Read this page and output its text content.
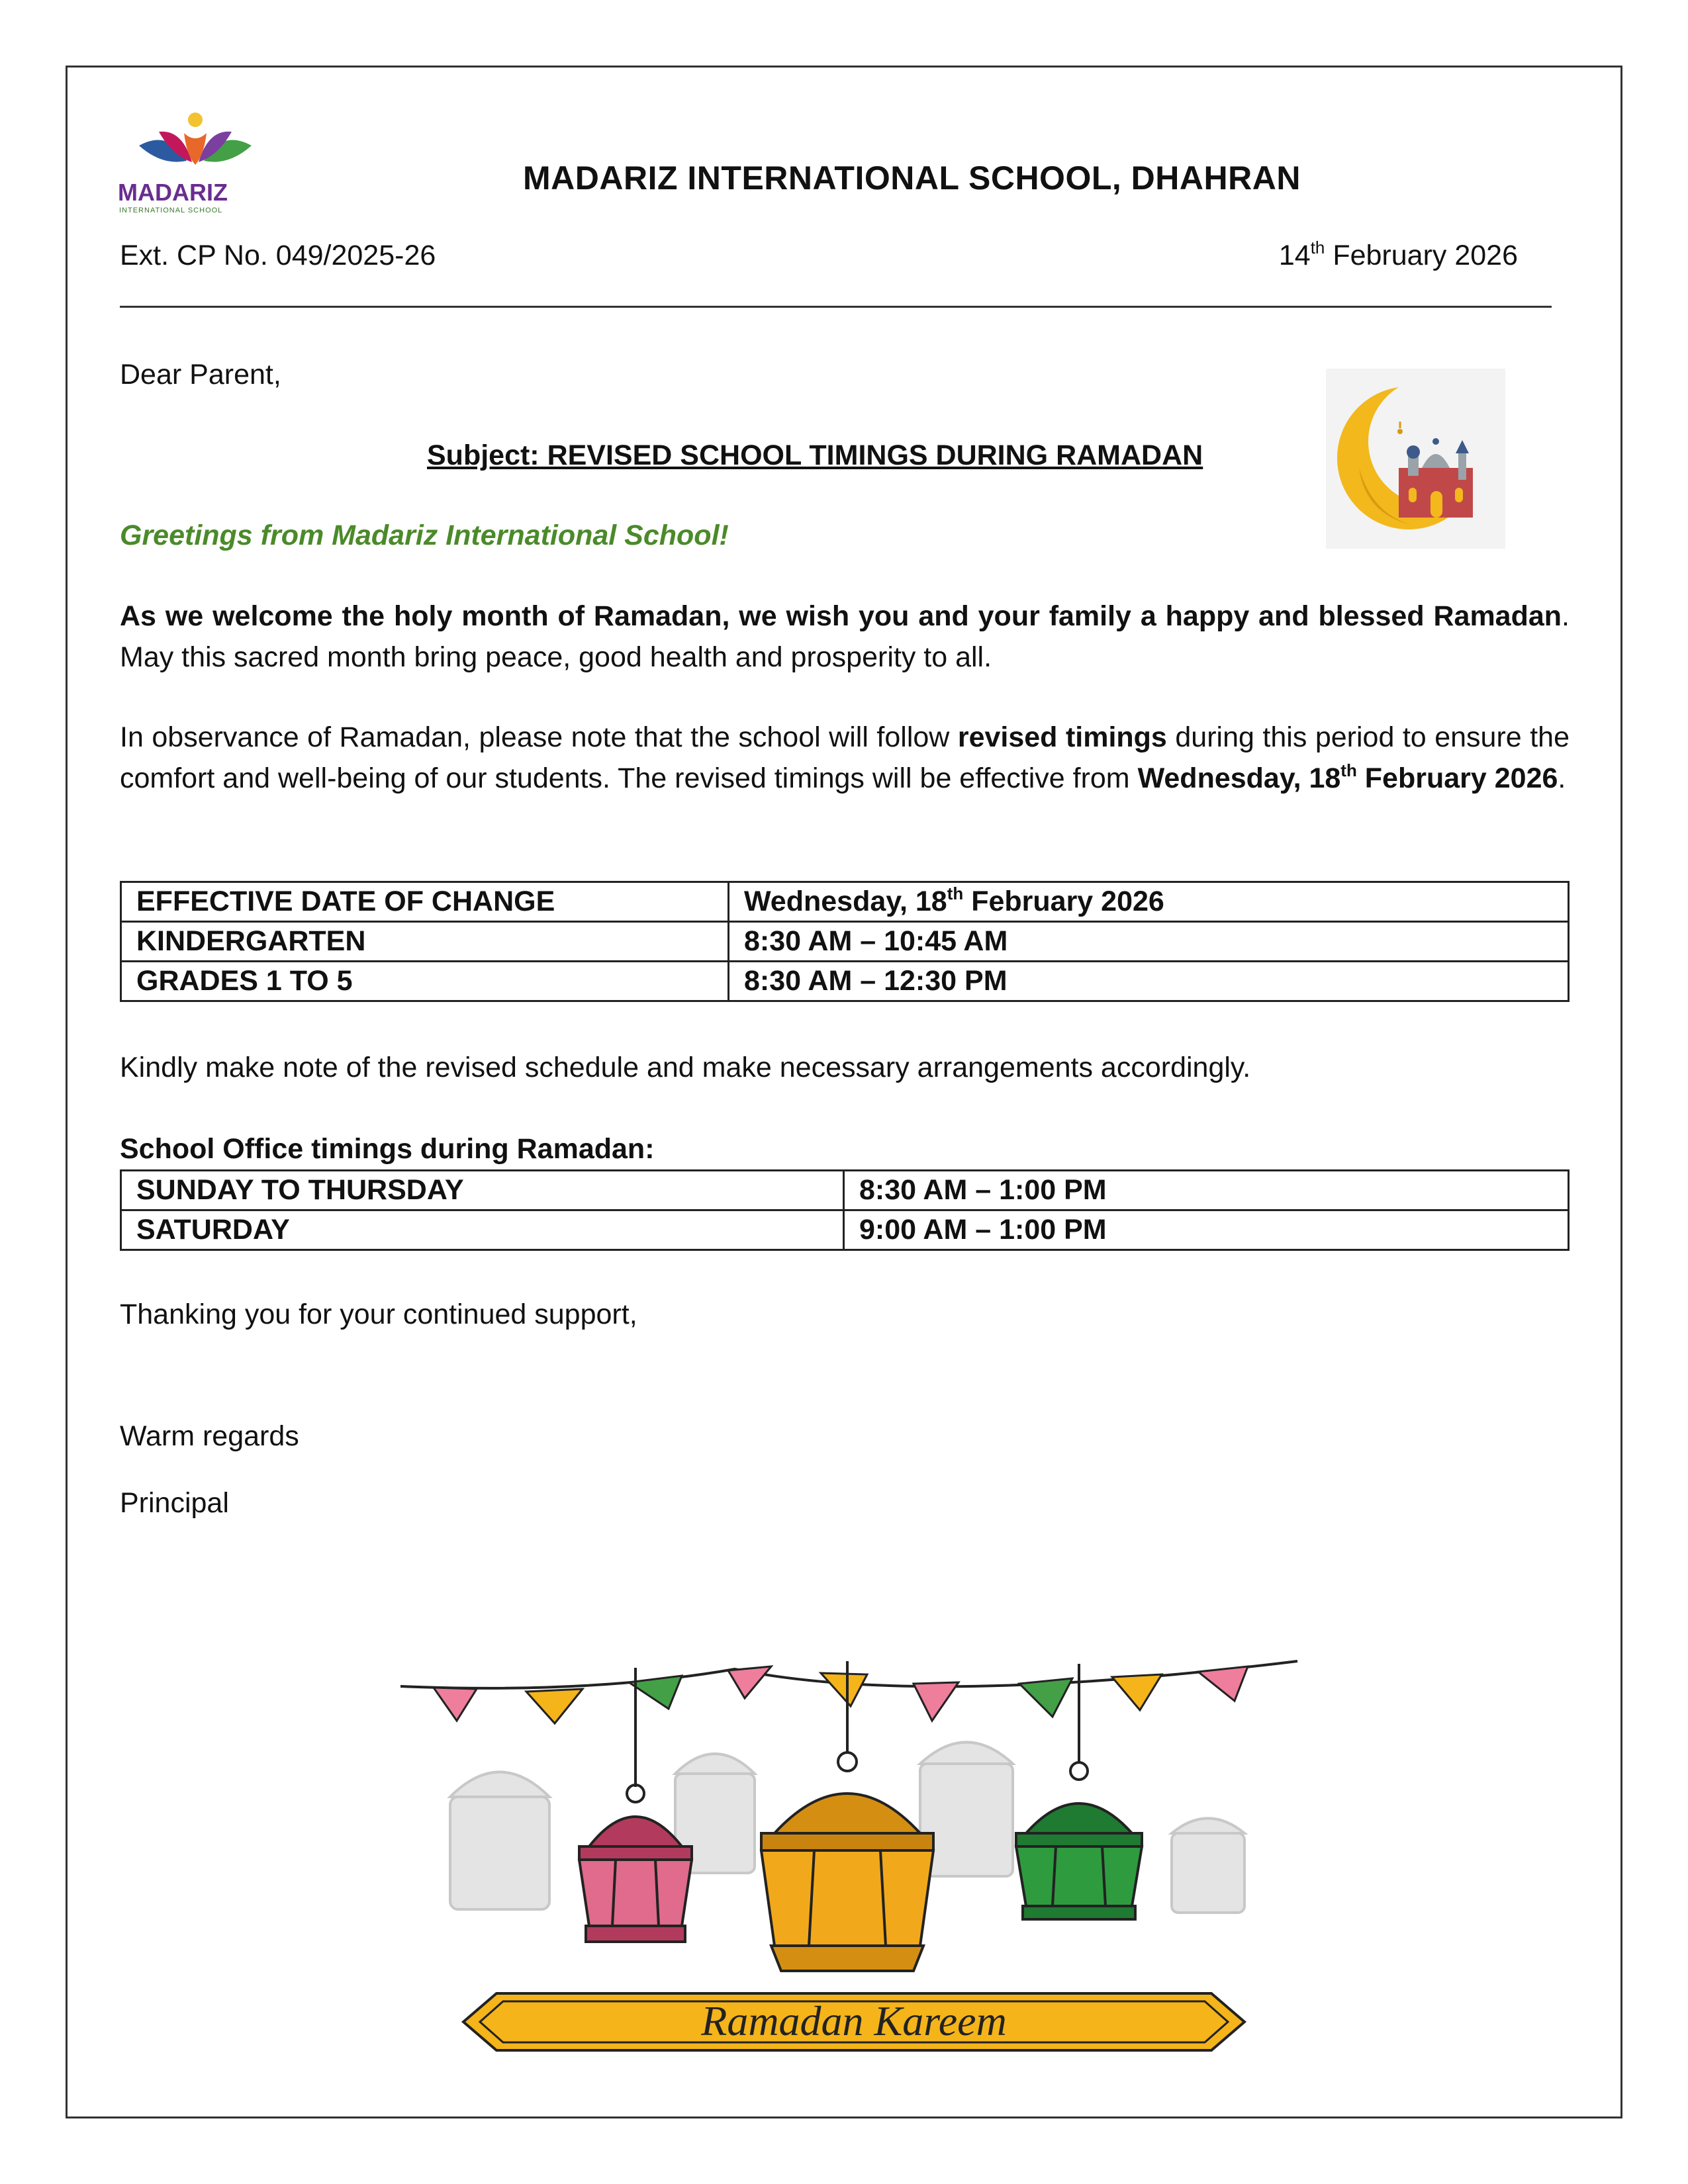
MADARIZ
INTERNATIONAL SCHOOL
MADARIZ INTERNATIONAL SCHOOL, DHAHRAN
Ext. CP No. 049/2025-26	14th February 2026
Dear Parent,
Subject: REVISED SCHOOL TIMINGS DURING RAMADAN
Greetings from Madariz International School!
As we welcome the holy month of Ramadan, we wish you and your family a happy and blessed Ramadan. May this sacred month bring peace, good health and prosperity to all.
In observance of Ramadan, please note that the school will follow revised timings during this period to ensure the comfort and well-being of our students. The revised timings will be effective from Wednesday, 18th February 2026.
EFFECTIVE DATE OF CHANGE	Wednesday, 18th February 2026
KINDERGARTEN	8:30 AM – 10:45 AM
GRADES 1 TO 5	8:30 AM – 12:30 PM
Kindly make note of the revised schedule and make necessary arrangements accordingly.
School Office timings during Ramadan:
SUNDAY TO THURSDAY	8:30 AM – 1:00 PM
SATURDAY	9:00 AM – 1:00 PM
Thanking you for your continued support,
Warm regards
Principal
Ramadan Kareem
